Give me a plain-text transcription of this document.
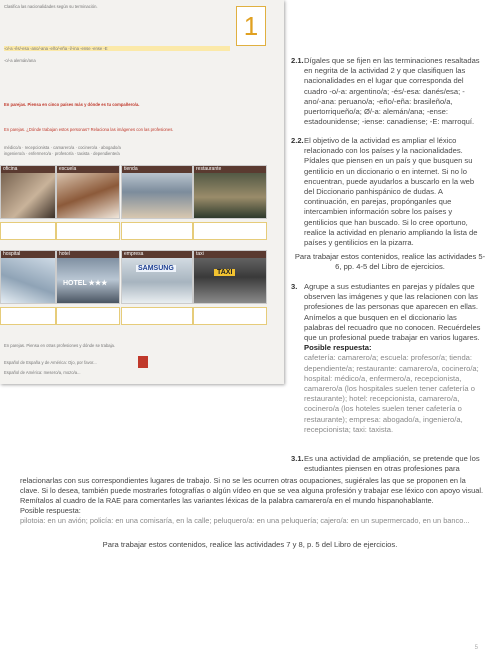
1
Clasifica las nacionalidades según su terminación.
-o/-a -ês/-esa -ano/-ana -eño/-eña -í/-ina -ense -ense -E
-o/-a alemán/ana
En parejas. Piensa en cinco países más y dónde es tu compañero/a.
En parejas. ¿Dónde trabajan estos personas? Relaciona las imágenes con las profesiones.
médico/a · recepcionista · camarero/a · cocinero/a · abogado/a
ingeniero/a · enfermero/a · profesor/a · taxista · dependiente/a
oficina	escuela	tienda	restaurante
hospital	hotel
HOTEL ★★★
empresa
SAMSUNG
taxi
TAXI
En parejas. Piensa en otras profesiones y dónde se trabaja.
Español de España y de América: Ojo, por favor...
Español de América: mesero/a, mozo/a...
2.1. Dígales que se fijen en las terminaciones resaltadas en negrita de la actividad 2 y que clasifiquen las nacionalidades en el lugar que corresponda del cuadro -o/-a: argentino/a; -és/-esa: danés/esa; -ano/-ana: peruano/a; -eño/-eña: brasileño/a, puertorriqueño/a; Ø/-a: alemán/ana; -ense: estadounidense; -iense: canadiense; -E: marroquí.
2.2. El objetivo de la actividad es ampliar el léxico relacionado con los países y la nacionalidades. Pídales que piensen en un país y que busquen su gentilicio en un diccionario o en internet. Si no lo encuentran, puede ayudarlos a buscarlo en la web del Diccionario panhispánico de dudas. A continuación, en parejas, propónganles que intercambien información sobre los países y gentilicios que han buscado. Si lo cree oportuno, realice la actividad en plenario ampliando la lista de países y gentilicios en la pizarra.
Para trabajar estos contenidos, realice las actividades 5-6, pp. 4-5 del Libro de ejercicios.
3. Agrupe a sus estudiantes en parejas y pídales que observen las imágenes y que las relacionen con las profesiones de las personas que aparecen en ellas. Anímelos a que busquen en el diccionario las palabras del recuadro que no conocen. Recuérdeles que un profesional puede trabajar en varios lugares.
Posible respuesta:
cafetería: camarero/a; escuela: profesor/a; tienda: dependiente/a; restaurante: camarero/a, cocinero/a; hospital: médico/a, enfermero/a, recepcionista, camarero/a (los hospitales suelen tener cafetería o restaurante); hotel: recepcionista, camarero/a, cocinero/a (los hoteles suelen tener cafetería o restaurante); empresa: abogado/a, ingeniero/a, recepcionista; taxi: taxista.
3.1. Es una actividad de ampliación, se pretende que los estudiantes piensen en otras profesiones para
relacionarlas con sus correspondientes lugares de trabajo. Si no se les ocurren otras ocupaciones, sugiérales las que se proponen en la clave. Si lo desea, también puede mostrarles fotografías o algún vídeo en que se vea alguna profesión y trabajar ese léxico con apoyo visual. Remítalos al cuadro de la RAE para comentarles las variantes léxicas de la palabra camarero/a en el mundo hispanohablante.
Posible respuesta:
pilotoia: en un avión; policía: en una comisaría, en la calle; peluquero/a: en una peluquería; cajero/a: en un supermercado, en un banco...
Para trabajar estos contenidos, realice las actividades 7 y 8, p. 5 del Libro de ejercicios.
5
